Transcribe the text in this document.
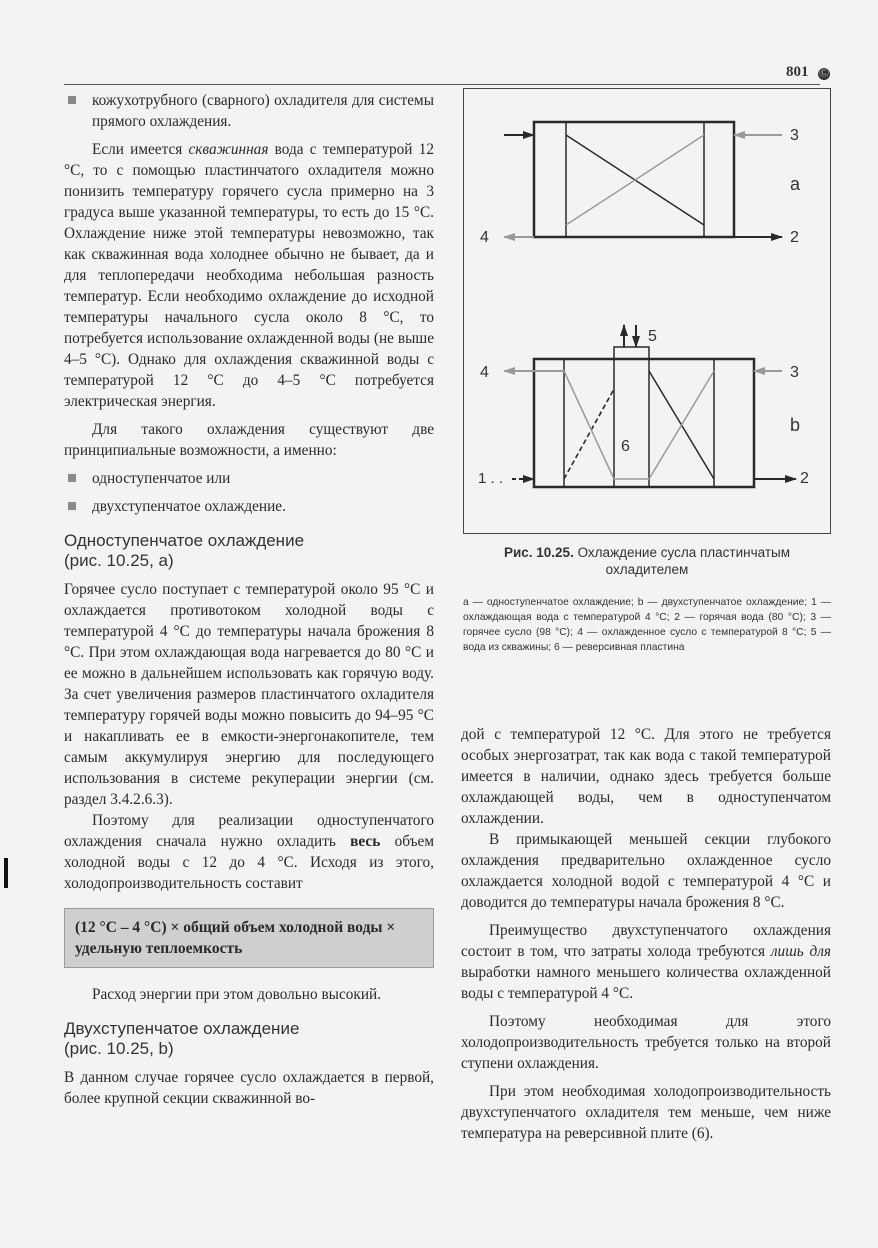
801 Ⓒ
кожухотрубного (сварного) охладителя для системы прямого охлаждения.

Если имеется скважинная вода с температурой 12 °C, то с помощью пластинчатого охладителя можно понизить температуру горячего сусла примерно на 3 градуса выше указанной температуры, то есть до 15 °C. Охлаждение ниже этой температуры невозможно, так как скважинная вода холоднее обычно не бывает, да и для теплопередачи необходима небольшая разность температур. Если необходимо охлаждение до исходной температуры начального сусла около 8 °C, то потребуется использование охлажденной воды (не выше 4–5 °C). Однако для охлаждения скважинной воды с температурой 12 °C до 4–5 °C потребуется электрическая энергия.

Для такого охлаждения существуют две принципиальные возможности, а именно:

одноступенчатое или
двухступенчатое охлаждение.
Одноступенчатое охлаждение
(рис. 10.25, а)

Горячее сусло поступает с температурой около 95 °C и охлаждается противотоком холодной воды с температурой 4 °C до температуры начала брожения 8 °C. При этом охлаждающая вода нагревается до 80 °C и ее можно в дальнейшем использовать как горячую воду. За счет увеличения размеров пластинчатого охладителя температуру горячей воды можно повысить до 94–95 °C и накапливать ее в емкости-энергонакопителе, тем самым аккумулируя энергию для последующего использования в системе рекуперации энергии (см. раздел 3.4.2.6.3).

Поэтому для реализации одноступенчатого охлаждения сначала нужно охладить весь объем холодной воды с 12 до 4 °C. Исходя из этого, холодопроизводительность составит

(12 °C – 4 °C) × общий объем холодной воды × удельную теплоемкость

Расход энергии при этом довольно высокий.

Двухступенчатое охлаждение
(рис. 10.25, b)

В данном случае горячее сусло охлаждается в первой, более крупной секции скважинной во-

3
a
4	2
5
4	3
b
6
1 . .	2
Рис. 10.25. Охлаждение сусла пластинчатым охладителем
а — одноступенчатое охлаждение; b — двухступенчатое охлаждение; 1 — охлаждающая вода с температурой 4 °C; 2 — горячая вода (80 °C); 3 — горячее сусло (98 °C); 4 — охлажденное сусло с температурой 8 °C; 5 — вода из скважины; 6 — реверсивная пластина

дой с температурой 12 °C. Для этого не требуется особых энергозатрат, так как вода с такой температурой имеется в наличии, однако здесь требуется больше охлаждающей воды, чем в одноступенчатом охлаждении.

В примыкающей меньшей секции глубокого охлаждения предварительно охлажденное сусло охлаждается холодной водой с температурой 4 °C и доводится до температуры начала брожения 8 °C.

Преимущество двухступенчатого охлаждения состоит в том, что затраты холода требуются лишь для выработки намного меньшего количества охлажденной воды с температурой 4 °C.

Поэтому необходимая для этого холодопроизводительность требуется только на второй ступени охлаждения.

При этом необходимая холодопроизводительность двухступенчатого охладителя тем меньше, чем ниже температура на реверсивной плите (6).
